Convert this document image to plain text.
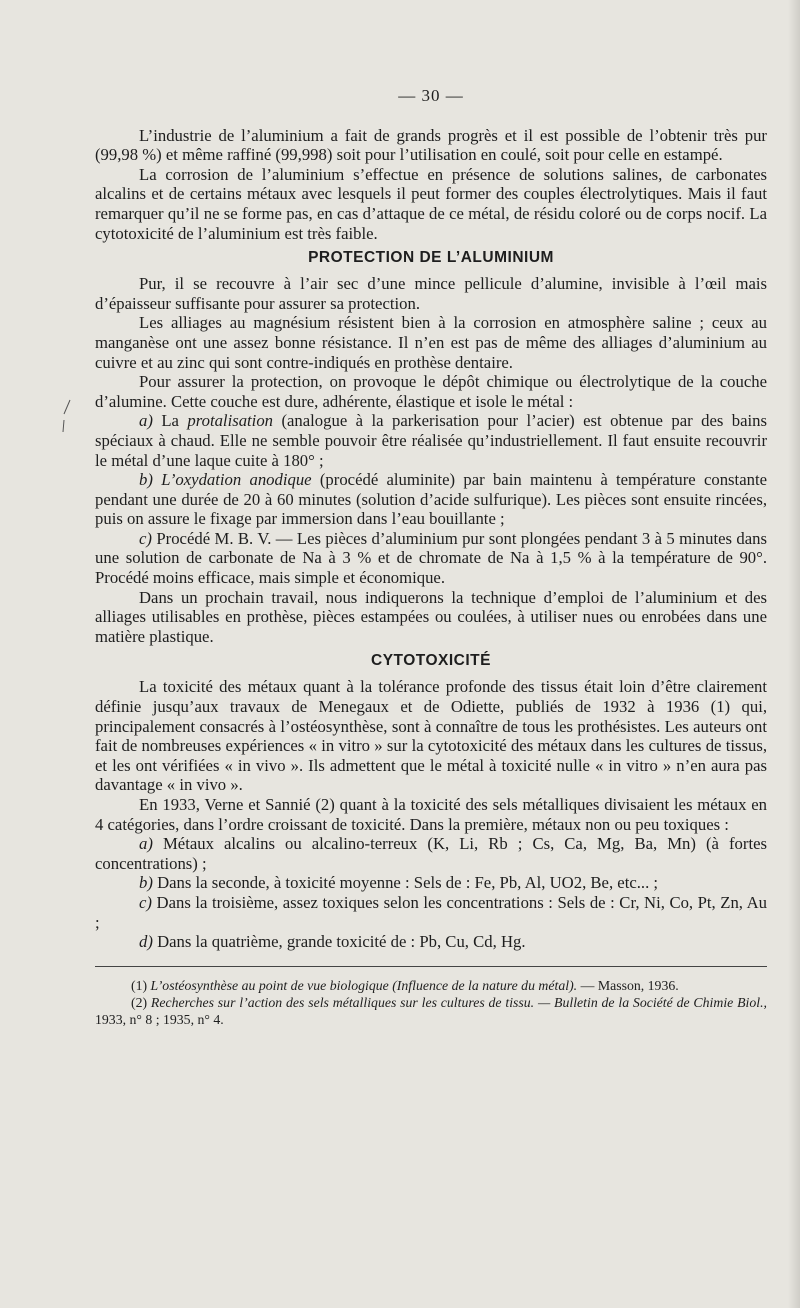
— 30 —

L’industrie de l’aluminium a fait de grands progrès et il est possible de l’obtenir très pur (99,98 %) et même raffiné (99,998) soit pour l’utilisation en coulé, soit pour celle en estampé.

La corrosion de l’aluminium s’effectue en présence de solutions salines, de carbonates alcalins et de certains métaux avec lesquels il peut former des couples électrolytiques. Mais il faut remarquer qu’il ne se forme pas, en cas d’attaque de ce métal, de résidu coloré ou de corps nocif. La cytotoxicité de l’aluminium est très faible.

PROTECTION DE L’ALUMINIUM

Pur, il se recouvre à l’air sec d’une mince pellicule d’alumine, invisible à l’œil mais d’épaisseur suffisante pour assurer sa protection.

Les alliages au magnésium résistent bien à la corrosion en atmosphère saline ; ceux au manganèse ont une assez bonne résistance. Il n’en est pas de même des alliages d’aluminium au cuivre et au zinc qui sont contre-indiqués en prothèse dentaire.

Pour assurer la protection, on provoque le dépôt chimique ou électrolytique de la couche d’alumine. Cette couche est dure, adhérente, élastique et isole le métal :

a) La protalisation (analogue à la parkerisation pour l’acier) est obtenue par des bains spéciaux à chaud. Elle ne semble pouvoir être réalisée qu’industriellement. Il faut ensuite recouvrir le métal d’une laque cuite à 180° ;

b) L’oxydation anodique (procédé aluminite) par bain maintenu à température constante pendant une durée de 20 à 60 minutes (solution d’acide sulfurique). Les pièces sont ensuite rincées, puis on assure le fixage par immersion dans l’eau bouillante ;

c) Procédé M. B. V. — Les pièces d’aluminium pur sont plongées pendant 3 à 5 minutes dans une solution de carbonate de Na à 3 % et de chromate de Na à 1,5 % à la température de 90°. Procédé moins efficace, mais simple et économique.

Dans un prochain travail, nous indiquerons la technique d’emploi de l’aluminium et des alliages utilisables en prothèse, pièces estampées ou coulées, à utiliser nues ou enrobées dans une matière plastique.

CYTOTOXICITÉ

La toxicité des métaux quant à la tolérance profonde des tissus était loin d’être clairement définie jusqu’aux travaux de Menegaux et de Odiette, publiés de 1932 à 1936 (1) qui, principalement consacrés à l’ostéosynthèse, sont à connaître de tous les prothésistes. Les auteurs ont fait de nombreuses expériences « in vitro » sur la cytotoxicité des métaux dans les cultures de tissus, et les ont vérifiées « in vivo ». Ils admettent que le métal à toxicité nulle « in vitro » n’en aura pas davantage « in vivo ».

En 1933, Verne et Sannié (2) quant à la toxicité des sels métalliques divisaient les métaux en 4 catégories, dans l’ordre croissant de toxicité. Dans la première, métaux non ou peu toxiques :

a) Métaux alcalins ou alcalino-terreux (K, Li, Rb ; Cs, Ca, Mg, Ba, Mn) (à fortes concentrations) ;

b) Dans la seconde, à toxicité moyenne : Sels de : Fe, Pb, Al, UO2, Be, etc... ;

c) Dans la troisième, assez toxiques selon les concentrations : Sels de : Cr, Ni, Co, Pt, Zn, Au ;

d) Dans la quatrième, grande toxicité de : Pb, Cu, Cd, Hg.

(1) L’ostéosynthèse au point de vue biologique (Influence de la nature du métal). — Masson, 1936.

(2) Recherches sur l’action des sels métalliques sur les cultures de tissu. — Bulletin de la Société de Chimie Biol., 1933, n° 8 ; 1935, n° 4.
